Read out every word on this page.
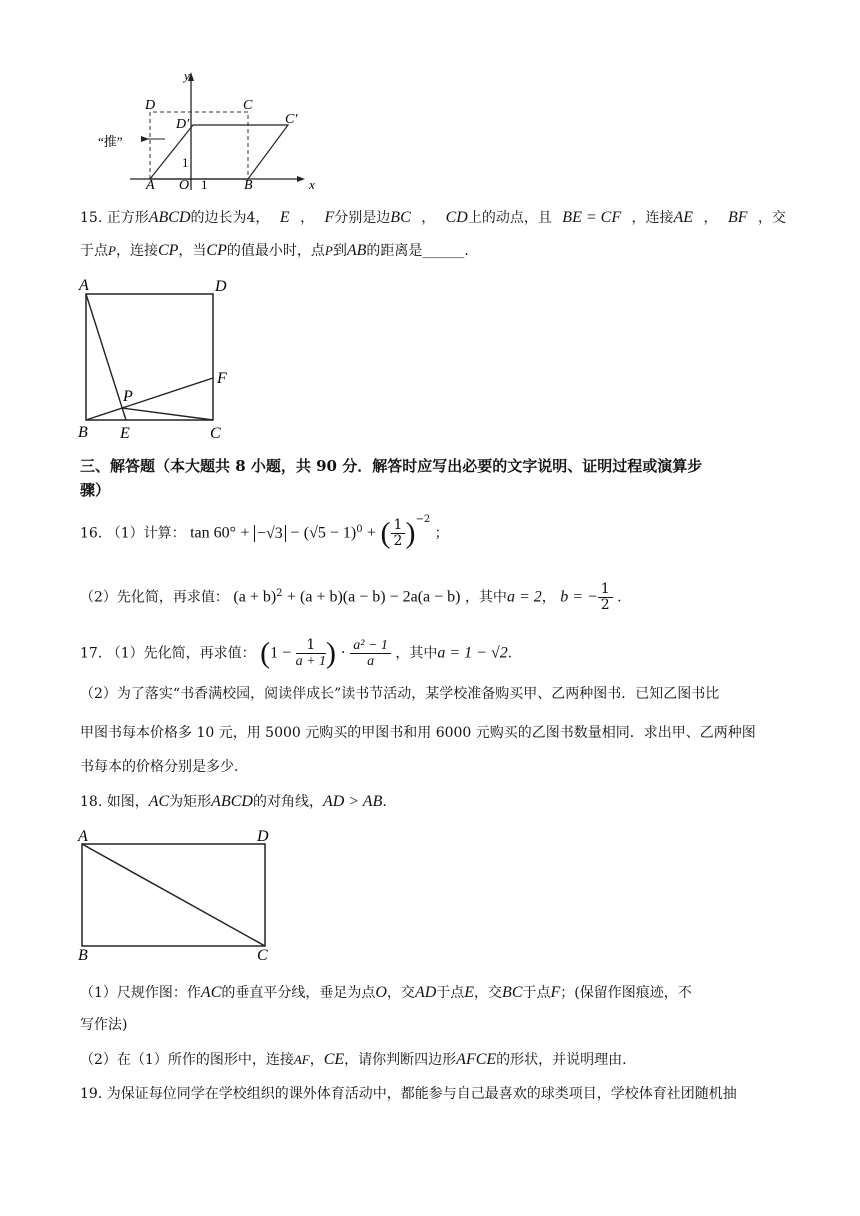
y
x
D	C
D′	C′
“推”
1
A O 1	B
15. 正方形ABCD的边长为4， E ， F分别是边BC ， CD上的动点，且 BE = CF ，连接AE ， BF ，交
于点P，连接CP，当CP的值最小时，点P到AB的距离是______.
A	D
F
P
B E	C
三、解答题（本大题共 8 小题，共 90 分．解答时应写出必要的文字说明、证明过程或演算步
骤）
16. （1）计算： $\tan 60^\circ + -√3 - (√5 - 1)^0$ + ( $\frac{1}{2} )^{-2}$ ；
（2）先化简，再求值： $(a + b)^2 + (a + b)(a - b) - 2a(a - b)$ ，其中a = 2， b = − $\frac{1}{2}$ .
17. （1）先化简，再求值： ($1 - \frac{1}{a + 1}$ ) · $\frac{\text{a² − 1}}{a}$ ，其中a = 1 − √2.
（2）为了落实“书香满校园，阅读伴成长”读书节活动，某学校准备购买甲、乙两种图书．已知乙图书比
甲图书每本价格多 10 元，用 5000 元购买的甲图书和用 6000 元购买的乙图书数量相同．求出甲、乙两种图
书每本的价格分别是多少.
18. 如图，AC为矩形ABCD的对角线，AD > AB.
A	D
B	C
（1）尺规作图：作AC的垂直平分线，垂足为点O，交AD于点E，交BC于点F；(保留作图痕迹，不
写作法)
（2）在（1）所作的图形中，连接AF，CE，请你判断四边形AFCE的形状，并说明理由.
19. 为保证每位同学在学校组织的课外体育活动中，都能参与自己最喜欢的球类项目，学校体育社团随机抽
